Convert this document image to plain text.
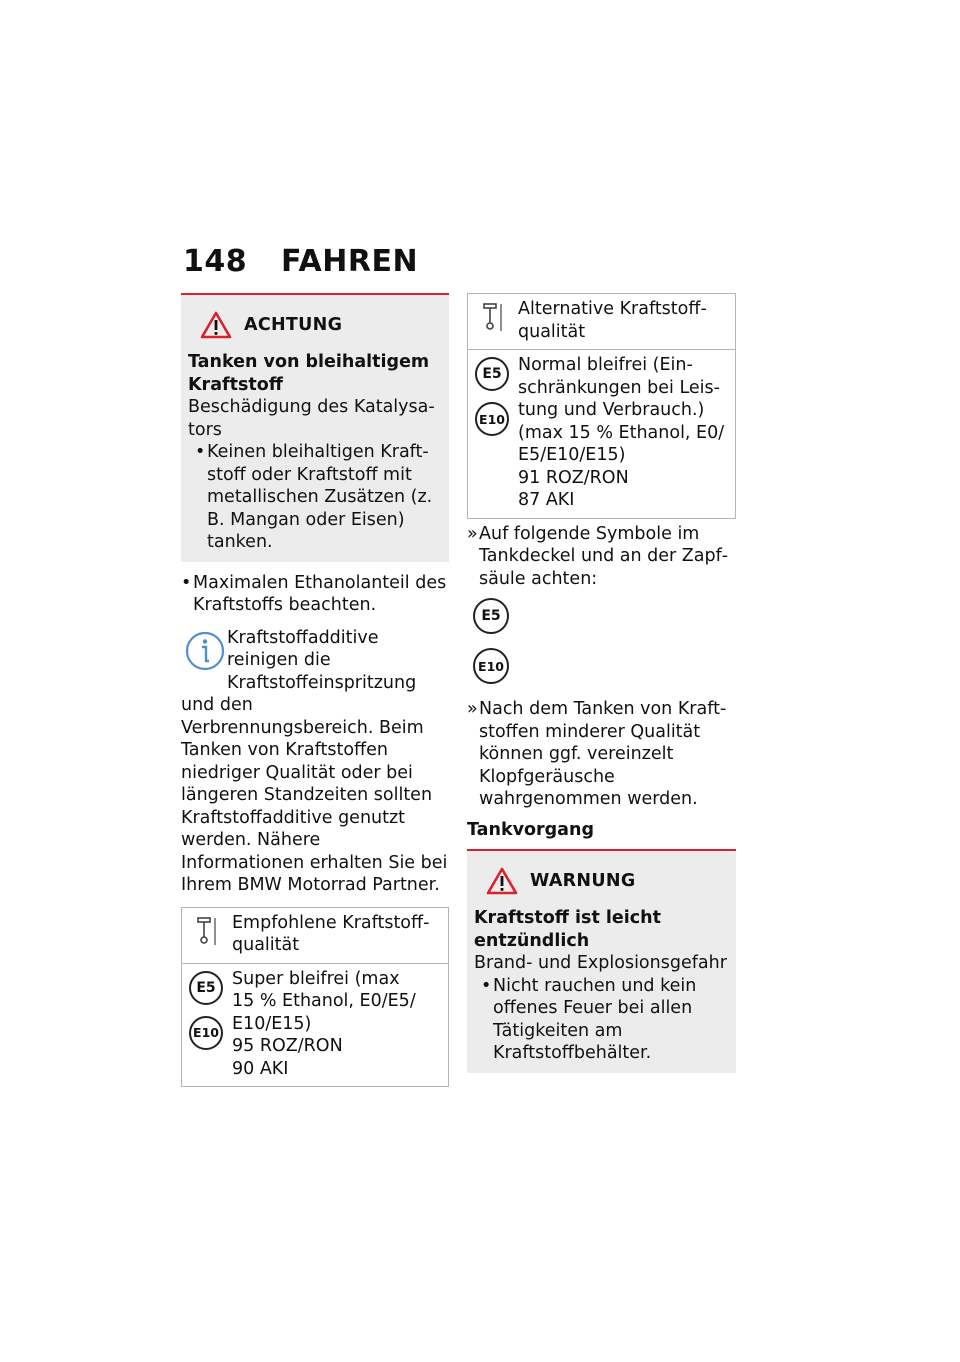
148 FAHREN
ACHTUNG
Tanken von bleihaltigem Kraftstoff
Beschädigung des Katalysators
• Keinen bleihaltigen Kraftstoff oder Kraftstoff mit metallischen Zusätzen (z. B. Mangan oder Eisen) tanken.
• Maximalen Ethanolanteil des Kraftstoffs beachten.
Kraftstoffadditive reinigen die Kraftstoffeinspritzung und den Verbrennungsbereich. Beim Tanken von Kraftstoffen niedriger Qualität oder bei längeren Standzeiten sollten Kraftstoffadditive genutzt werden. Nähere Informationen erhalten Sie bei Ihrem BMW Motorrad Partner.
Empfohlene Kraftstoffqualität
E5
E10
Super bleifrei (max
15 % Ethanol, E0/E5/
E10/E15)
95 ROZ/RON
90 AKI
Alternative Kraftstoffqualität
E5
E10
Normal bleifrei (Einschränkungen bei Leistung und Verbrauch.)
(max 15 % Ethanol, E0/
E5/E10/E15)
91 ROZ/RON
87 AKI
» Auf folgende Symbole im Tankdeckel und an der Zapfsäule achten:
E5
E10
» Nach dem Tanken von Kraftstoffen minderer Qualität können ggf. vereinzelt Klopfgeräusche wahrgenommen werden.
Tankvorgang
WARNUNG
Kraftstoff ist leicht entzündlich
Brand- und Explosionsgefahr
• Nicht rauchen und kein offenes Feuer bei allen Tätigkeiten am Kraftstoffbehälter.
